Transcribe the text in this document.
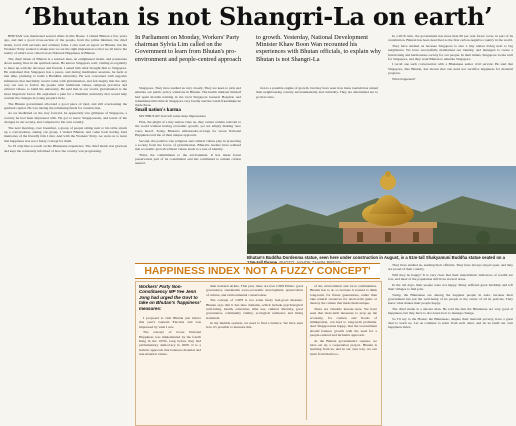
‘Bhutan is not Shangri-La on earth’

BHUTAN was mentioned several times in this House. I visited Bhutan a few years ago, and met a good cross-section of the people, from the prime minister, the chief monk, local civil servants and ordinary folks. I also read an report on Bhutan, but the Workers' Party wanted to make sure we set the right impression so that we all know the reality of what's now called Gross National Happiness in Bhutan.

The chief monk of Bhutan is a learned man, an enlightened monk, and passionate about seeing lives in the spiritual sense. He knows Singapore well, visiting us regularly to meet up with his devotees and friends. I asked him what brought him to Singapore. He explained that Singapore has a peace, and during meditation sessions, he feels at that time, planning to build a Buddhist university. He was concerned with negative influences that inevitably would come with globalisation, and felt deeply that the only way out was to follow his people with traditional values, religious practices and cultural values, to build his university. He said that in our world, globalisation is the most important factor. He explained a plan for a Buddhist university that would help counter the changes in young people's lives.

The Bhutan government allocated a good piece of land, and still overlooking the spiritual capital. He was raising the remaining funds for construction.

As we meditated on the way forward, he apparently saw glimpses of Singapore, a country he had been impressed with. He got to know Singaporeans, and learnt of the changes in our society, and compared to his own country.

The next morning, over breakfast, a group of people sitting next to his table struck up a conversation, asking our group. I visited Bhutan, and came back having fond memories of the friendly folk I met. And with the Workers' Party, we went on to learn that happiness was not a fuzzy concept for them.

So I'd only like to touch on the Bhutanese experience. The chief monk was gracious and kept me constantly informed of how the country was progressing.

In Parliament on Monday, Workers' Party chairman Sylvia Lim called on the Government to learn from Bhutan's pro-environment and people-centred approach

Singapore. They have studied us very closely. They are keen to pick and emulate our public policy solutions in Bhutan. The health minister himself had spent months training in the local Singapore General Hospital, and remembered his time in Singapore very fondly and the warm friendships he made there.

Small nation's karma

MY BHUTAN visit left some deep impressions.

First, the plight of a tiny nation. Like us, they cannot remain relevant to the world without having economic growth, yet are simply making 'sure voice heard'. Today, Bhutan's ambassador-at-large for Gross National Happiness told me of their unique approach.

Second, the positive role religious and cultural values play in protecting a society from the forces of globalisation. Bhutan's leaders have realised that economic growth without values leads to a loss of identity.

Third, the commitment to the environment. It has made forest preservation part of its constitution and has committed to remain carbon neutral.

to growth. Yesterday, National Development Minister Khaw Boon Wan recounted his experiences with Bhutan officials, to explain why Bhutan is not Shangri-La

tion is a possible engine of growth, but they have seen how mass tourism has ruined their neighbouring country environmentally and culturally. They are determined not to go that route.

In a 2016 ratio, the government has more than 60 per cent forest cover, in part of its constitution. Bhutan has been described as the first carbon-negative country in the world.

They have studied us because Singapore is also a tiny nation living next to big neighbours. We have successfully maintained our identity, and managed to create a functioning and harmonious society for our people. In their minds, Singapore works well for Singapore, and they want Bhutan to emulate Singapore.

I recall one such conversation with a Bhutanese senior civil servant. He said that Singapore, like Bhutan, has shown that one need not sacrifice happiness for material progress.

What happened?

Bhutan's Buddha Dordenma statue, seen here under construction in August, is a 51m-tall Shakyamuni Buddha statue seated on a
HAPPINESS INDEX 'NOT A FUZZY CONCEPT'
Workers' Party Non-Constituency MP Yee Jenn Jong had urged the Govt to take on Bhutan's 'happiness' measures:

I proposed to visit Bhutan just before this year's General Election and was impressed by what I saw.

The concept of Gross National Happiness was implemented by the fourth King in the 1970s, long before they had parliamentary democracy in 2008. It is a holistic approach that balances material and non-material values.

their national airline. This year, there are four GNH Pillars: good governance, sustainable socio-economic development, preservation of culture, and environmental conservation.

The concept of GNH is not some fuzzy feel-good measure. Bhutan says that it has nine domains, which include psychological well-being, health, education, time use, cultural diversity, good governance, community vitality, ecological resilience and living standards.

In my humble opinion, we need to find a balance. We have seen how it's possible to measure this.

of the environment and local communities. Bhutan has to do so because it wanted to think long-term, for future generations, rather than take natural resources for short-term gains or destroy the culture that made them unique.

There are valuable lessons here. We have seen that short-term measures to prop up the economy, for casinos and floods of immigration, can lead to long-term problems. And Singaporeans happy, that the Government should balance growth with the need for a people-centred and inclusive approach.

At the Bhutan government's request, we have set up a cooperation project. Bhutan is learning from us, and in our own way, we can learn from them too.

They have studied us, sending their officials. They have always stayed open, and they are proud of their country.

Will they be happy? It is very clear that their materialistic indicators of wealth are low, and most of the population still lives in rural areas.

In the old days, their people were not happy. Many suffered great hardship and left their villages to find jobs.

Today, the Bhutanese are among the happiest people in Asia, because their government has put the well-being of its people at the centre of all its policies. They know what makes their people happy.

The chief monk is a sincere man. He told me that the Bhutanese are very good at happiness, but they have to also learn how to manage change.

So I'll say to the House: the Bhutanese, despite their material poverty, have a great deal to teach us. Let us continue to learn from each other, and let us build our own happiness index.
